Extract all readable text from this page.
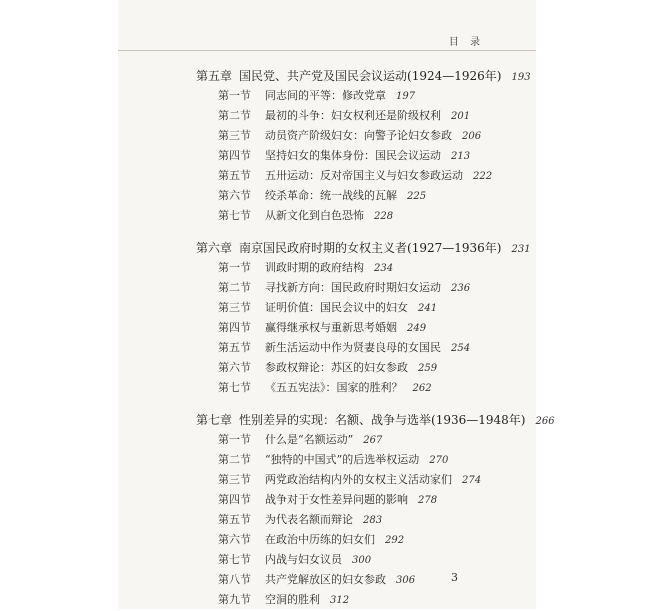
目 录
第五章 国民党、共产党及国民会议运动(1924—1926年) 193
第一节 同志间的平等：修改党章 197
第二节 最初的斗争：妇女权利还是阶级权利 201
第三节 动员资产阶级妇女：向警予论妇女参政 206
第四节 坚持妇女的集体身份：国民会议运动 213
第五节 五卅运动：反对帝国主义与妇女参政运动 222
第六节 绞杀革命：统一战线的瓦解 225
第七节 从新文化到白色恐怖 228
第六章 南京国民政府时期的女权主义者(1927—1936年) 231
第一节 训政时期的政府结构 234
第二节 寻找新方向：国民政府时期妇女运动 236
第三节 证明价值：国民会议中的妇女 241
第四节 赢得继承权与重新思考婚姻 249
第五节 新生活运动中作为贤妻良母的女国民 254
第六节 参政权辩论：苏区的妇女参政 259
第七节 《五五宪法》：国家的胜利？ 262
第七章 性别差异的实现：名额、战争与选举(1936—1948年) 266
第一节 什么是“名额运动” 267
第二节 “独特的中国式”的后选举权运动 270
第三节 两党政治结构内外的女权主义活动家们 274
第四节 战争对于女性差异问题的影响 278
第五节 为代表名额而辩论 283
第六节 在政治中历练的妇女们 292
第七节 内战与妇女议员 300
第八节 共产党解放区的妇女参政 306
第九节 空洞的胜利 312
3
